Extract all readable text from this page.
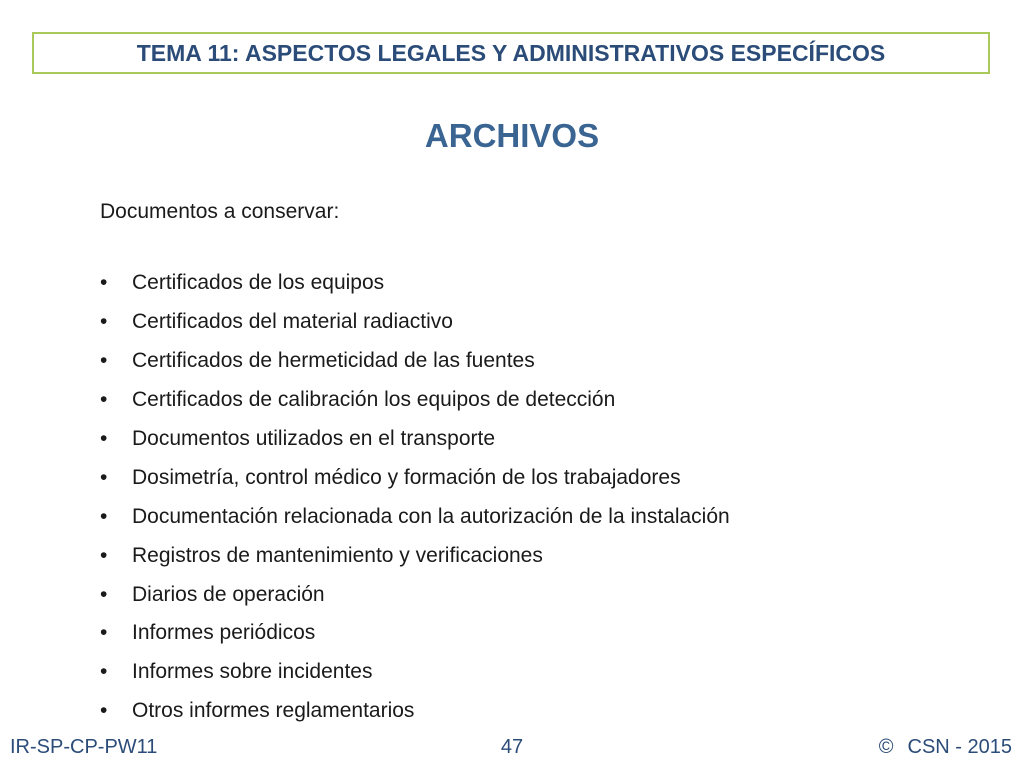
TEMA 11: ASPECTOS LEGALES Y ADMINISTRATIVOS ESPECÍFICOS
ARCHIVOS
Documentos a conservar:
•	Certificados de los equipos
•	Certificados del material radiactivo
•	Certificados de hermeticidad de las fuentes
•	Certificados de calibración los equipos de detección
•	Documentos utilizados en el transporte
•	Dosimetría, control médico y formación de los trabajadores
•	Documentación relacionada con la autorización de la instalación
•	Registros de mantenimiento y verificaciones
•	Diarios de operación
•	Informes periódicos
•	Informes sobre incidentes
•	Otros informes reglamentarios
IR-SP-CP-PW11	47	© CSN - 2015
